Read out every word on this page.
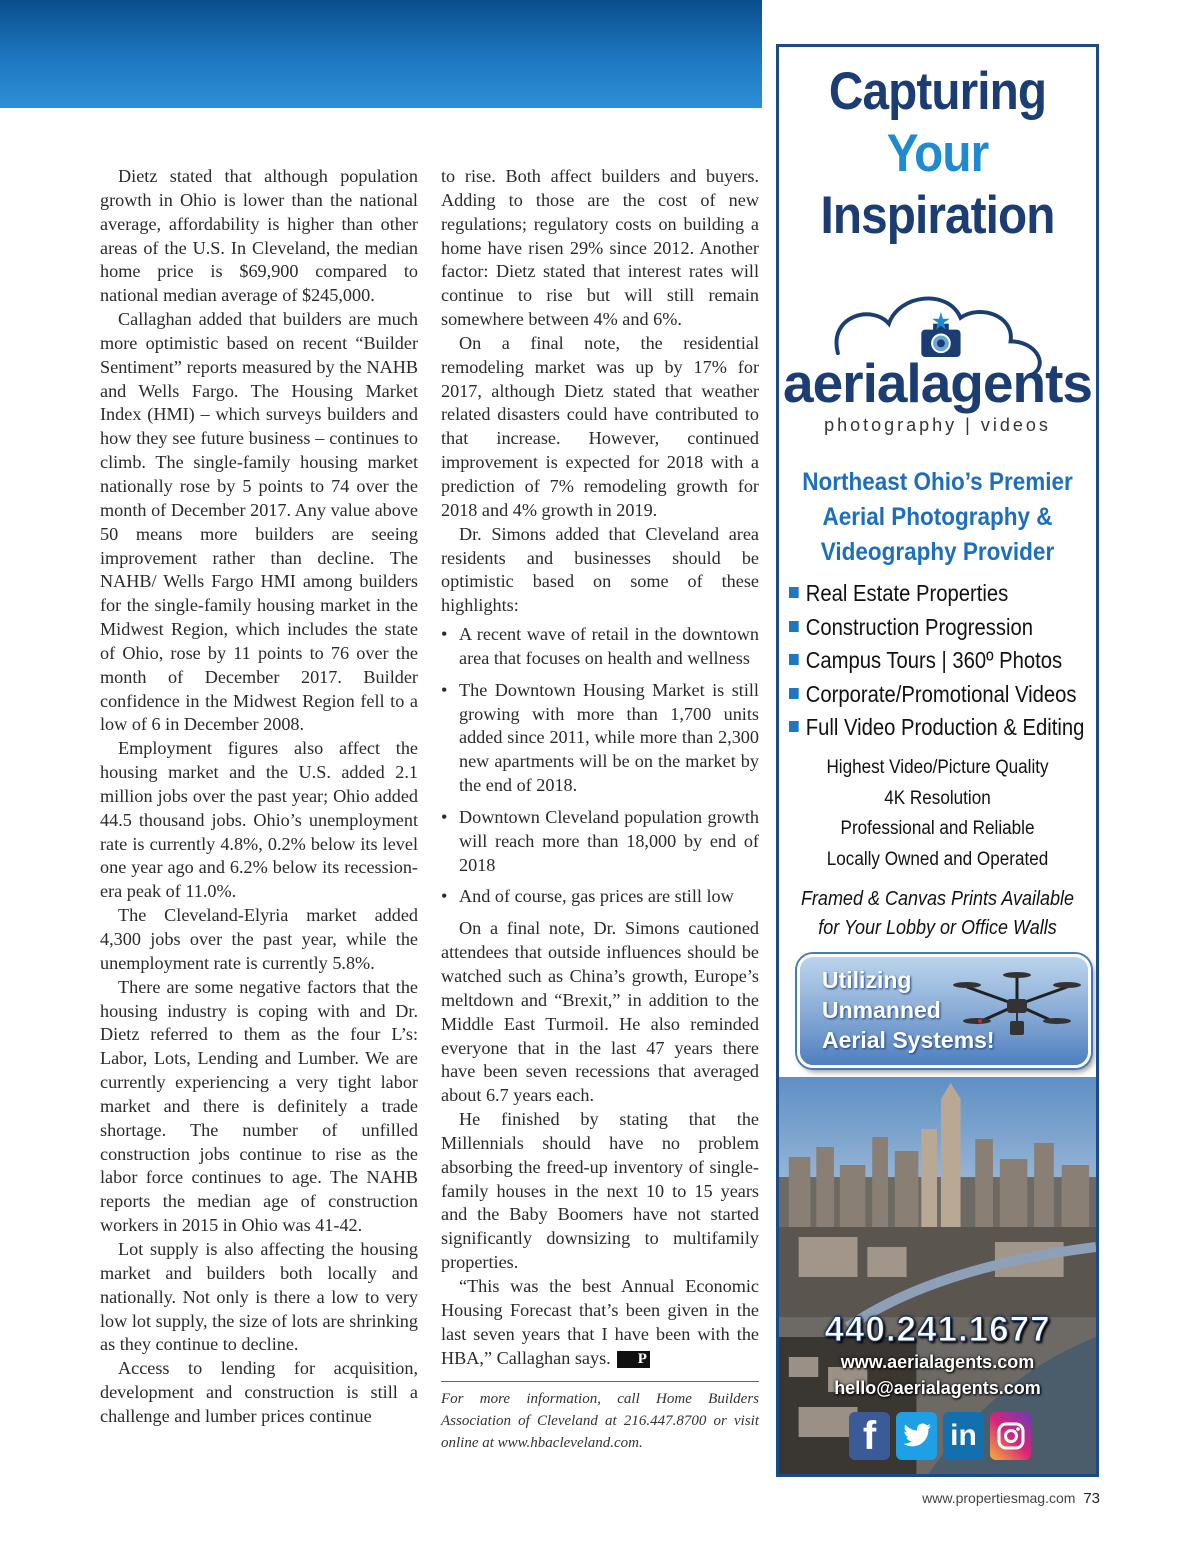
Dietz stated that although population growth in Ohio is lower than the national average, affordability is higher than other areas of the U.S. In Cleveland, the median home price is $69,900 compared to national median average of $245,000.

Callaghan added that builders are much more optimistic based on recent “Builder Sentiment” reports measured by the NAHB and Wells Fargo. The Housing Market Index (HMI) – which surveys builders and how they see future business – continues to climb. The single-family housing market nationally rose by 5 points to 74 over the month of December 2017. Any value above 50 means more builders are seeing improvement rather than decline. The NAHB/ Wells Fargo HMI among builders for the single-family housing market in the Midwest Region, which includes the state of Ohio, rose by 11 points to 76 over the month of December 2017. Builder confidence in the Midwest Region fell to a low of 6 in December 2008.

Employment figures also affect the housing market and the U.S. added 2.1 million jobs over the past year; Ohio added 44.5 thousand jobs. Ohio’s unemployment rate is currently 4.8%, 0.2% below its level one year ago and 6.2% below its recession-era peak of 11.0%.

The Cleveland-Elyria market added 4,300 jobs over the past year, while the unemployment rate is currently 5.8%.

There are some negative factors that the housing industry is coping with and Dr. Dietz referred to them as the four L’s: Labor, Lots, Lending and Lumber. We are currently experiencing a very tight labor market and there is definitely a trade shortage. The number of unfilled construction jobs continue to rise as the labor force continues to age. The NAHB reports the median age of construction workers in 2015 in Ohio was 41-42.

Lot supply is also affecting the housing market and builders both locally and nationally. Not only is there a low to very low lot supply, the size of lots are shrinking as they continue to decline.

Access to lending for acquisition, development and construction is still a challenge and lumber prices continue

to rise. Both affect builders and buyers. Adding to those are the cost of new regulations; regulatory costs on building a home have risen 29% since 2012. Another factor: Dietz stated that interest rates will continue to rise but will still remain somewhere between 4% and 6%.

On a final note, the residential remodeling market was up by 17% for 2017, although Dietz stated that weather related disasters could have contributed to that increase. However, continued improvement is expected for 2018 with a prediction of 7% remodeling growth for 2018 and 4% growth in 2019.

Dr. Simons added that Cleveland area residents and businesses should be optimistic based on some of these highlights:

• A recent wave of retail in the downtown area that focuses on health and wellness
• The Downtown Housing Market is still growing with more than 1,700 units added since 2011, while more than 2,300 new apartments will be on the market by the end of 2018.
• Downtown Cleveland population growth will reach more than 18,000 by end of 2018
• And of course, gas prices are still low

On a final note, Dr. Simons cautioned attendees that outside influences should be watched such as China’s growth, Europe’s meltdown and “Brexit,” in addition to the Middle East Turmoil. He also reminded everyone that in the last 47 years there have been seven recessions that averaged about 6.7 years each.

He finished by stating that the Millennials should have no problem absorbing the freed-up inventory of single-family houses in the next 10 to 15 years and the Baby Boomers have not started significantly downsizing to multifamily properties.

“This was the best Annual Economic Housing Forecast that’s been given in the last seven years that I have been with the HBA,” Callaghan says. P

For more information, call Home Builders Association of Cleveland at 216.447.8700 or visit online at www.hbacleveland.com.

Capturing
Your
Inspiration
aerialagents
photography | videos
Northeast Ohio’s Premier
Aerial Photography &
Videography Provider
Real Estate Properties
Construction Progression
Campus Tours | 360º Photos
Corporate/Promotional Videos
Full Video Production & Editing
Highest Video/Picture Quality
4K Resolution
Professional and Reliable
Locally Owned and Operated
Framed & Canvas Prints Available
for Your Lobby or Office Walls
Utilizing
Unmanned
Aerial Systems!
440.241.1677
www.aerialagents.com
hello@aerialagents.com
f	in
www.propertiesmag.com 73
